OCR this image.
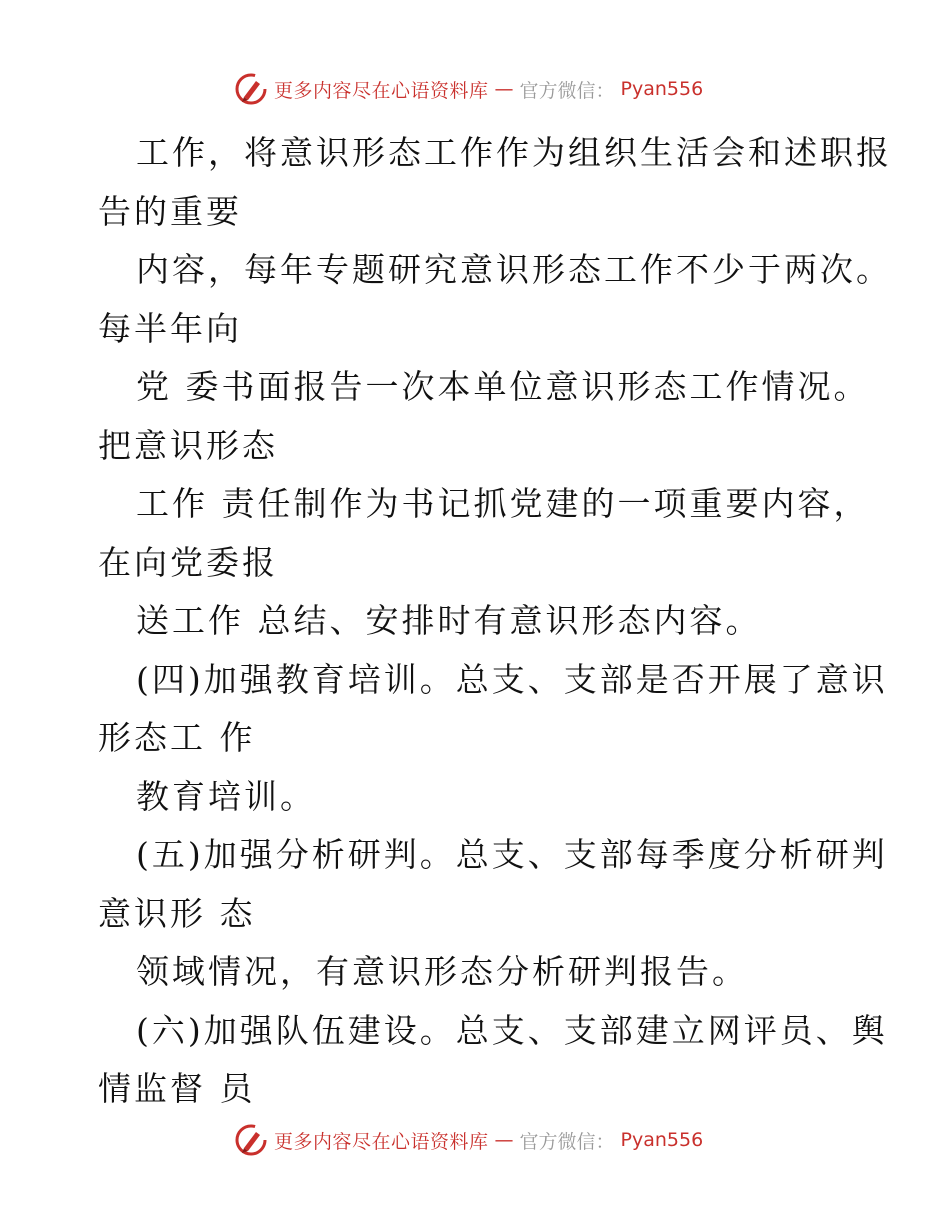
更多内容尽在心语资料库 — 官方微信： Pyan556
工作，将意识形态工作作为组织生活会和述职报
告的重要
内容，每年专题研究意识形态工作不少于两次。
每半年向
党 委书面报告一次本单位意识形态工作情况。
把意识形态
工作 责任制作为书记抓党建的一项重要内容，
在向党委报
送工作 总结、安排时有意识形态内容。
(四)加强教育培训。总支、支部是否开展了意识
形态工 作
教育培训。
(五)加强分析研判。总支、支部每季度分析研判
意识形 态
领域情况，有意识形态分析研判报告。
(六)加强队伍建设。总支、支部建立网评员、舆
情监督 员
更多内容尽在心语资料库 — 官方微信： Pyan556
